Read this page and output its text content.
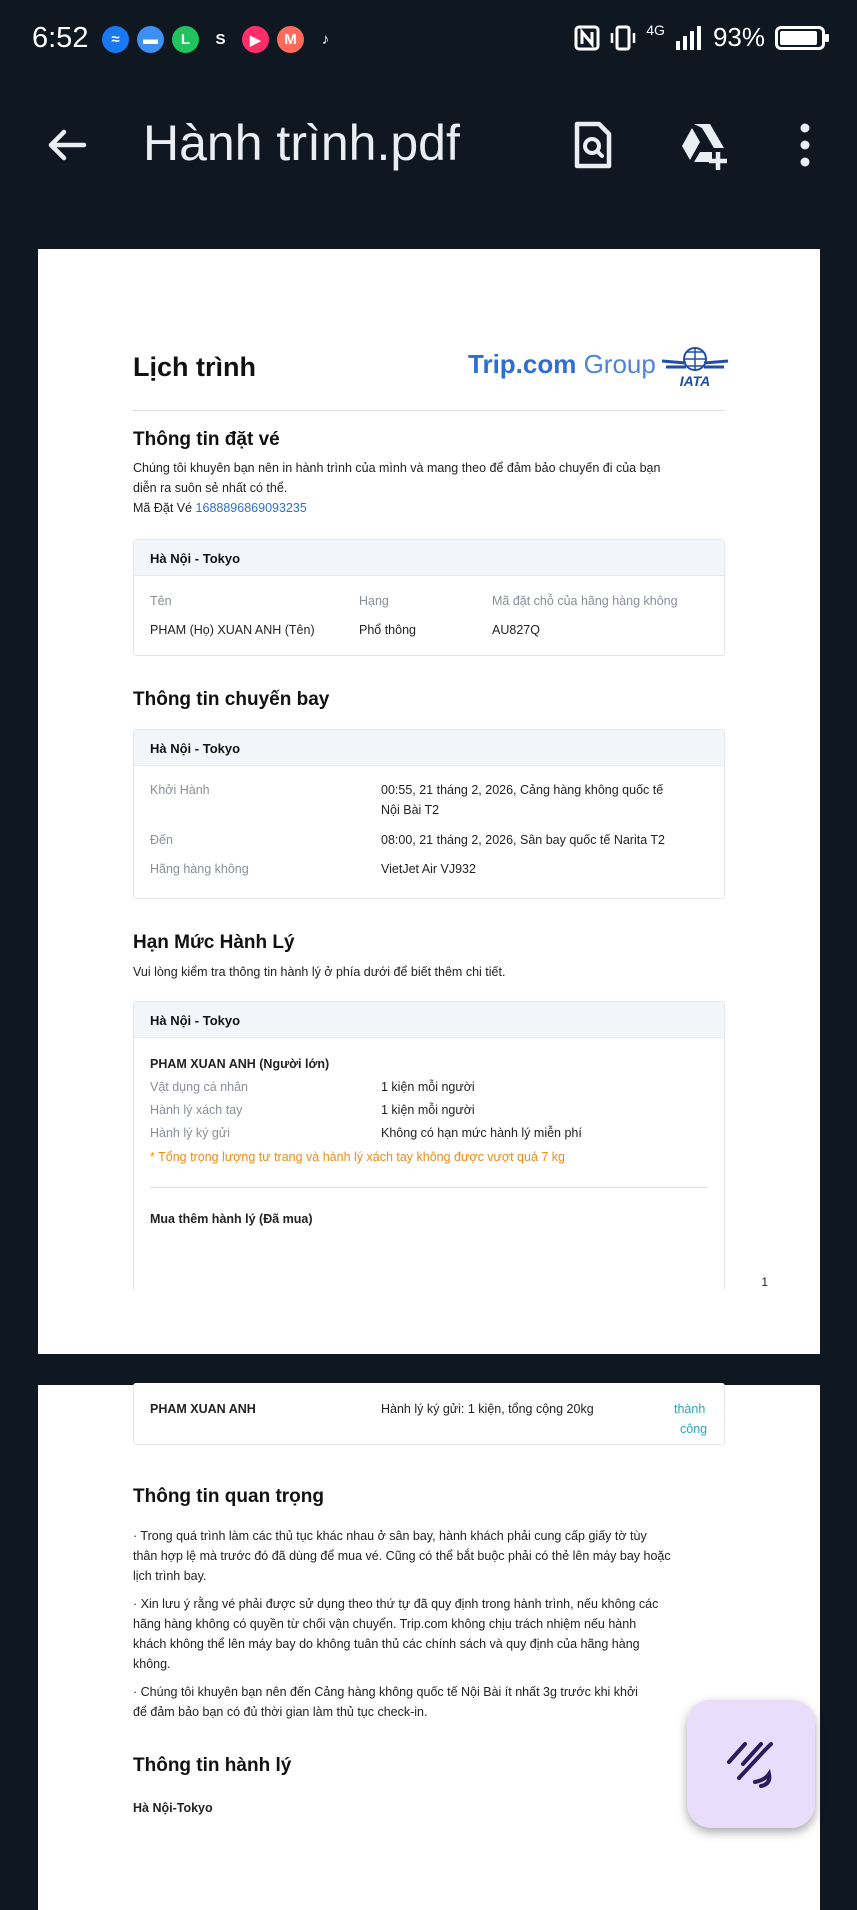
6:52	≈	▬	L	S	▶	M	♪
4G 93%
Hành trình.pdf
Lịch trình	Trip.com Group
IATA
Thông tin đặt vé
Chúng tôi khuyên bạn nên in hành trình của mình và mang theo để đảm bảo chuyến đi của bạn
diễn ra suôn sẻ nhất có thể.
Mã Đặt Vé 1688896869093235
Hà Nội - Tokyo
Tên	Hạng	Mã đặt chỗ của hãng hàng không
PHAM (Họ) XUAN ANH (Tên)	Phổ thông	AU827Q
Thông tin chuyến bay
Hà Nội - Tokyo
Khởi Hành	00:55, 21 tháng 2, 2026, Cảng hàng không quốc tế
Nội Bài T2
Đến	08:00, 21 tháng 2, 2026, Sân bay quốc tế Narita T2
Hãng hàng không	VietJet Air VJ932
Hạn Mức Hành Lý
Vui lòng kiểm tra thông tin hành lý ở phía dưới để biết thêm chi tiết.
Hà Nội - Tokyo
PHAM XUAN ANH (Người lớn)
Vật dụng cá nhân	1 kiện mỗi người
Hành lý xách tay	1 kiện mỗi người
Hành lý ký gửi	Không có hạn mức hành lý miễn phí
* Tổng trọng lượng tư trang và hành lý xách tay không được vượt quá 7 kg
Mua thêm hành lý (Đã mua)
1
PHAM XUAN ANH	Hành lý ký gửi: 1 kiện, tổng cộng 20kg	thành
công
Thông tin quan trọng
· Trong quá trình làm các thủ tục khác nhau ở sân bay, hành khách phải cung cấp giấy tờ tùy
thân hợp lệ mà trước đó đã dùng để mua vé. Cũng có thể bắt buộc phải có thẻ lên máy bay hoặc
lịch trình bay.
· Xin lưu ý rằng vé phải được sử dụng theo thứ tự đã quy định trong hành trình, nếu không các
hãng hàng không có quyền từ chối vận chuyển. Trip.com không chịu trách nhiệm nếu hành
khách không thể lên máy bay do không tuân thủ các chính sách và quy định của hãng hàng
không.
· Chúng tôi khuyên bạn nên đến Cảng hàng không quốc tế Nội Bài ít nhất 3g trước khi khởi
để đảm bảo bạn có đủ thời gian làm thủ tục check-in.
Thông tin hành lý
Hà Nội-Tokyo
